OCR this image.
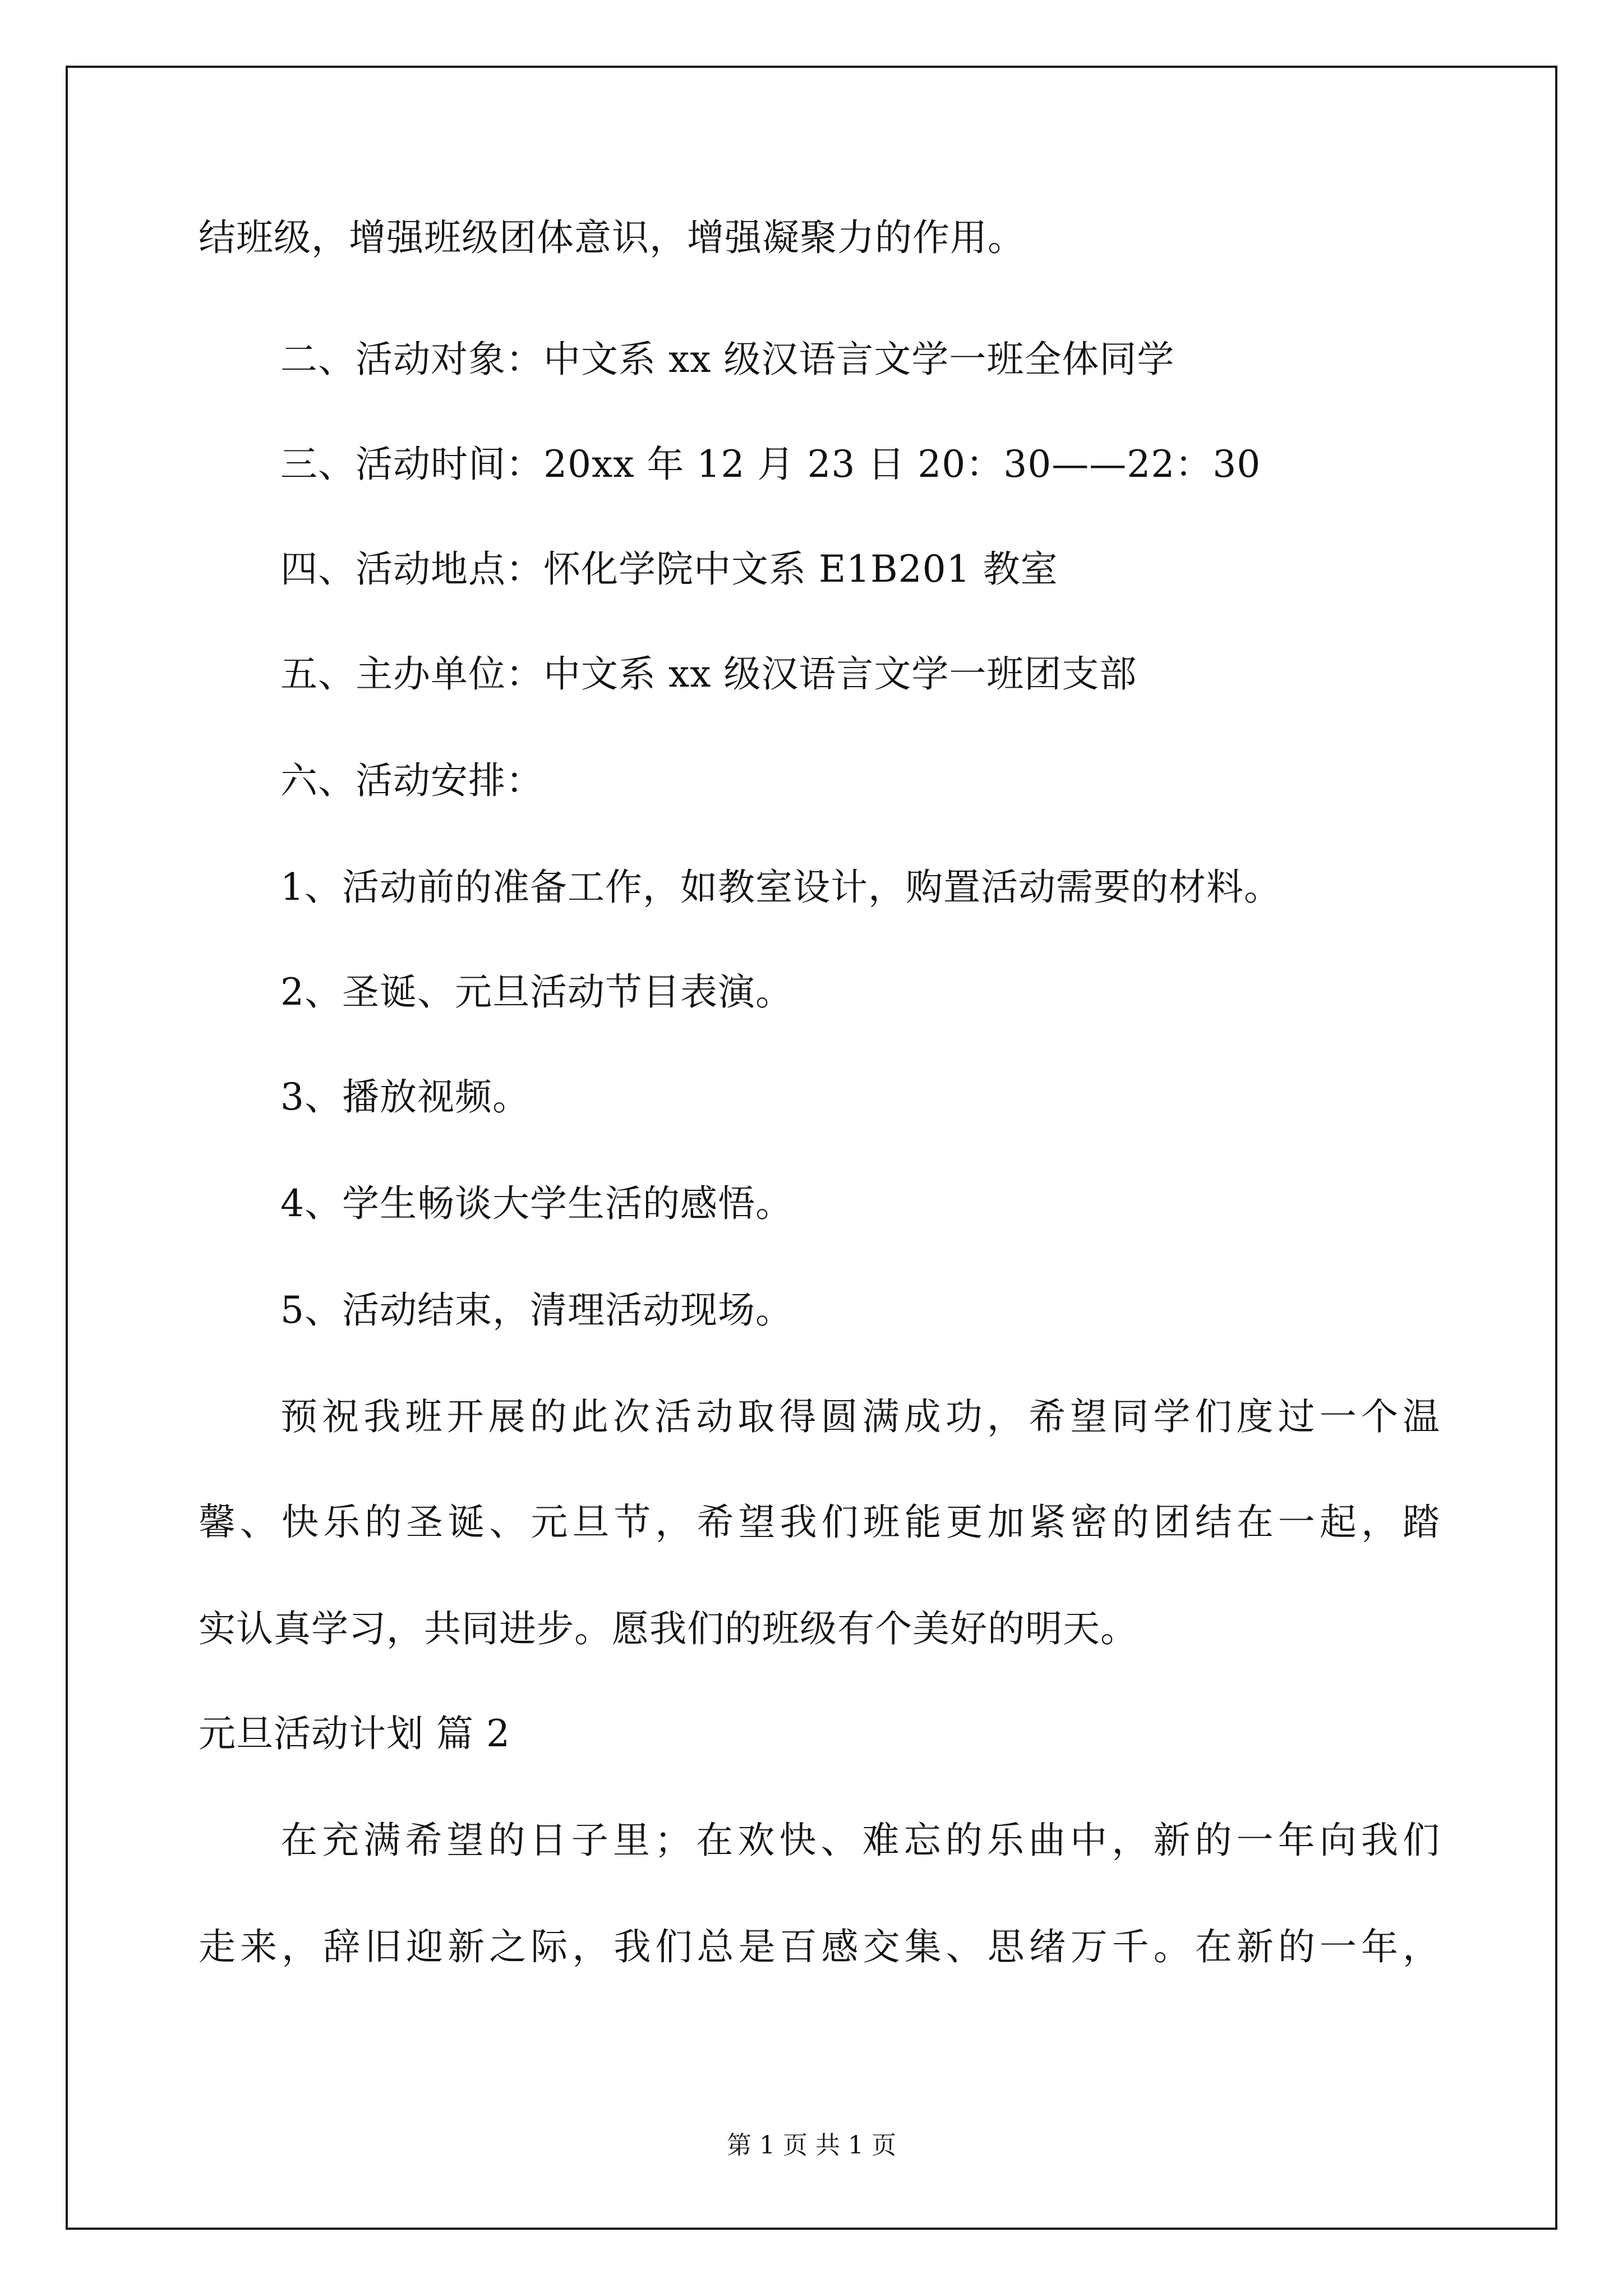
结班级，增强班级团体意识，增强凝聚力的作用。
二、活动对象：中文系 xx 级汉语言文学一班全体同学
三、活动时间：20xx 年 12 月 23 日 20：30——22：30
四、活动地点：怀化学院中文系 E1B201 教室
五、主办单位：中文系 xx 级汉语言文学一班团支部
六、活动安排：
1、活动前的准备工作，如教室设计，购置活动需要的材料。
2、圣诞、元旦活动节目表演。
3、播放视频。
4、学生畅谈大学生活的感悟。
5、活动结束，清理活动现场。
预祝我班开展的此次活动取得圆满成功，希望同学们度过一个温
馨、快乐的圣诞、元旦节，希望我们班能更加紧密的团结在一起，踏
实认真学习，共同进步。愿我们的班级有个美好的明天。
元旦活动计划 篇 2
在充满希望的日子里；在欢快、难忘的乐曲中，新的一年向我们
走来，辞旧迎新之际，我们总是百感交集、思绪万千。在新的一年，
第 1 页 共 1 页
